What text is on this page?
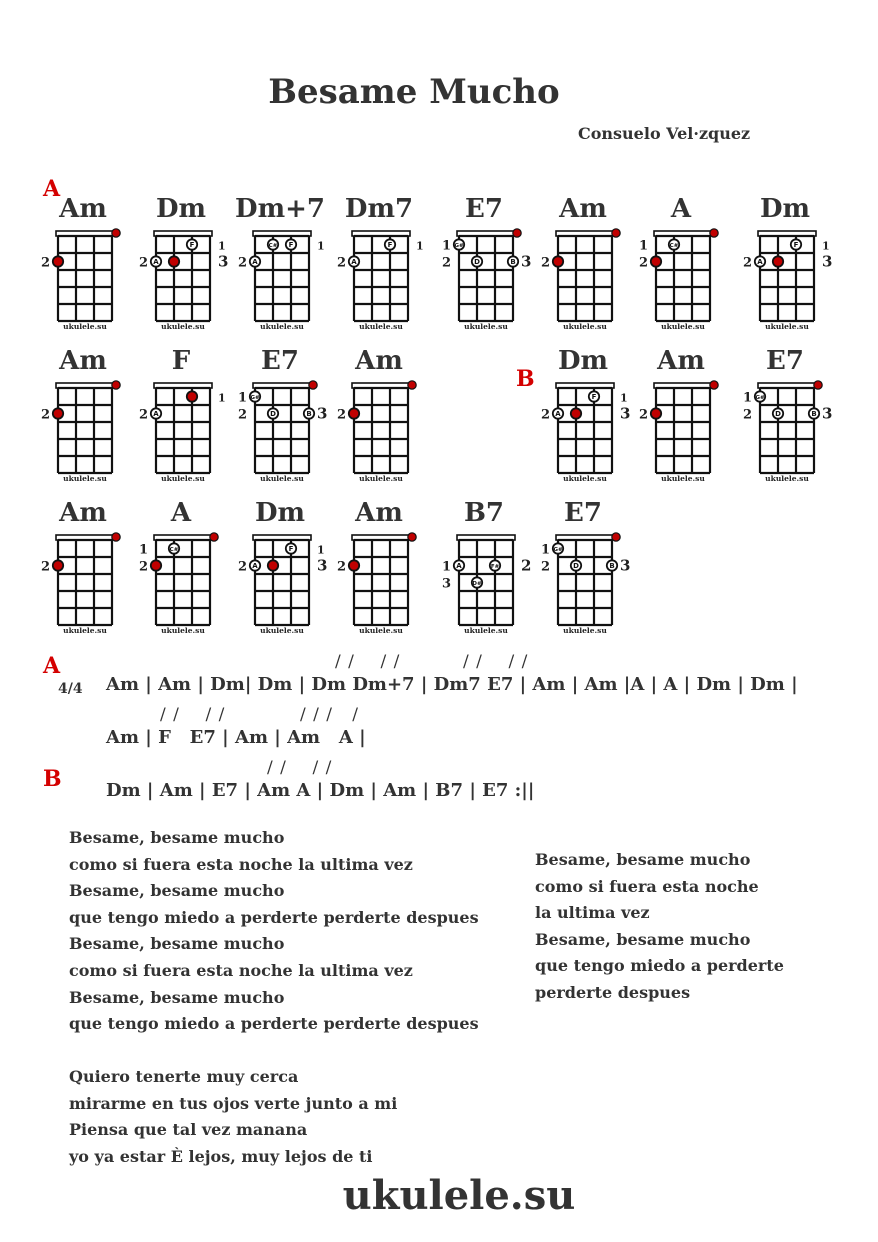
Besame Mucho
Consuelo Vel·zquez
A
B
Am
2
ukulele.su
Dm
F
A
2
1
3
ukulele.su
Dm+7
C# F
A
2
1
ukulele.su
Dm7
F
A
2
1
ukulele.su
E7
G#
D	B
1
2	3
ukulele.su
Am
2
ukulele.su
A
C#
1
2
ukulele.su
Dm
F
A
2
1
3
ukulele.su
Am
2
ukulele.su
F
A
2
1
ukulele.su
E7
G#
D	B
1
2	3
ukulele.su
Am
2
ukulele.su
Dm
F
A
2
1
3
ukulele.su
Am
2
ukulele.su
E7
G#
D	B
1
2	3
ukulele.su
Am
2
ukulele.su
A
C#
1
2
ukulele.su
Dm
F
A
2
1
3
ukulele.su
Am
2
ukulele.su
B7
A	F#
D#
1
3
2
ukulele.su
E7
G#
D	B
1
2	3
ukulele.su
A
4/4
/ /    / /	/ /    / /
Am | Am | Dm| Dm | Dm Dm+7 | Dm7 E7 | Am | Am |A | A | Dm | Dm |
/ /    / /	/ / /   /
Am | F   E7 | Am | Am   A |
B	/ /    / /
Dm | Am | E7 | Am A | Dm | Am | B7 | E7 :||
Besame, besame mucho
como si fuera esta noche la ultima vez
Besame, besame mucho
que tengo miedo a perderte perderte despues
Besame, besame mucho
como si fuera esta noche la ultima vez
Besame, besame mucho
que tengo miedo a perderte perderte despues
Besame, besame mucho
como si fuera esta noche
la ultima vez
Besame, besame mucho
que tengo miedo a perderte
perderte despues
Quiero tenerte muy cerca
mirarme en tus ojos verte junto a mi
Piensa que tal vez manana
yo ya estar È lejos, muy lejos de ti
ukulele.su
